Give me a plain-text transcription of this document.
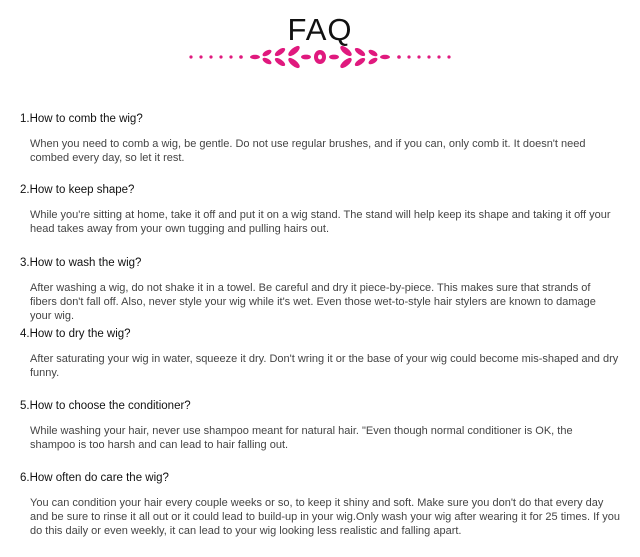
FAQ

1.How to comb the wig?

When you need to comb a wig, be gentle. Do not use regular brushes, and if you can, only comb it. It doesn't need combed every day, so let it rest.

2.How to keep shape?

While you're sitting at home, take it off and put it on a wig stand. The stand will help keep its shape and taking it off your head takes away from your own tugging and pulling hairs out.

3.How to wash the wig?

After washing a wig, do not shake it in a towel. Be careful and dry it piece-by-piece. This makes sure that strands of fibers don't fall off. Also, never style your wig while it's wet. Even those wet-to-style hair stylers are known to damage your wig.

4.How to dry the wig?

After saturating your wig in water, squeeze it dry. Don't wring it or the base of your wig could become mis-shaped and dry funny.

5.How to choose the conditioner?

While washing your hair, never use shampoo meant for natural hair. "Even though normal conditioner is OK, the shampoo is too harsh and can lead to hair falling out.

6.How often do care the wig?

You can condition your hair every couple weeks or so, to keep it shiny and soft. Make sure you don't do that every day and be sure to rinse it all out or it could lead to build-up in your wig.Only wash your wig after wearing it for 25 times. If you do this daily or even weekly, it can lead to your wig looking less realistic and falling apart.
